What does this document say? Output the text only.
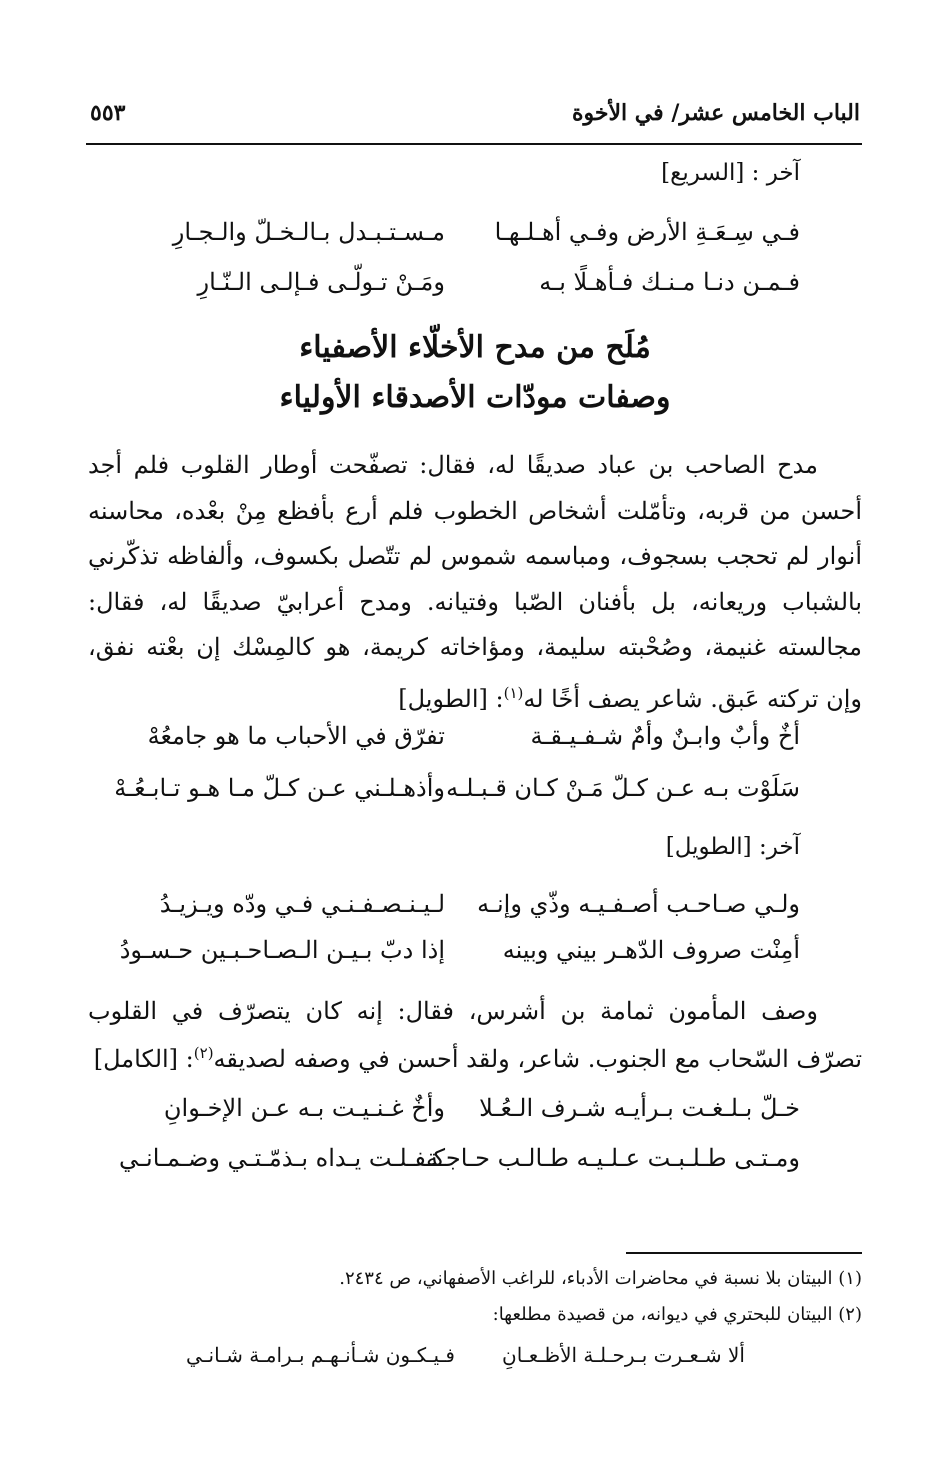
الباب الخامس عشر/ في الأخوة
٥٥٣
آخر : [السريع]
فـي سِـعَـةِ الأرض وفـي أهـلـهـا
مـسـتـبـدل بـالـخـلّ والـجـارِ
فـمـن دنـا مـنـك فـأهـلًا بـه
ومَـنْ تـولّـى فـإلـى الـنّـارِ
مُلَح من مدح الأخلّاء الأصفياء
وصفات مودّات الأصدقاء الأولياء

مدح الصاحب بن عباد صديقًا له، فقال: تصفّحت أوطار القلوب فلم أجد أحسن من قربه، وتأمّلت أشخاص الخطوب فلم أرع بأفظع مِنْ بعْده، محاسنه أنوار لم تحجب بسجوف، ومباسمه شموس لم تتّصل بكسوف، وألفاظه تذكّرني بالشباب وريعانه، بل بأفنان الصّبا وفتيانه. ومدح أعرابيّ صديقًا له، فقال: مجالسته غنيمة، وصُحْبته سليمة، ومؤاخاته كريمة، هو كالمِسْك إن بعْته نفق، وإن تركته عَبق. شاعر يصف أخًا له$^{(١)}$: [الطويل]

أخٌ وأبٌ وابـنٌ وأمٌ شـفـيـقـة
تفرّق في الأحباب ما هو جامعُهْ
سَلَوْت بـه عـن كـلّ مَـنْ كـان قـبـلـه
وأذهـلـني عـن كـلّ مـا هـو تـابـعُـهْ
آخر: [الطويل]
ولـي صـاحـب أصـفـيـه وذّي وإنـه
لـيـنـصـفـنـي فـي ودّه ويـزيـدُ
أمِنْت صروف الدّهـر بيني وبينه
إذا دبّ بـيـن الـصـاحـبـين حـسـودُ

وصف المأمون ثمامة بن أشرس، فقال: إنه كان يتصرّف في القلوب تصرّف السّحاب مع الجنوب. شاعر، ولقد أحسن في وصفه لصديقه$^{(٢)}$: [الكامل]

خـلّ بـلـغـت بـرأيـه شـرف الـعُـلا
وأخٌ غـنـيـت بـه عـن الإخـوانِ
ومـتـى طـلـبـت عـلـيـه طـالـب حـاجـة
كـفـلـت يـداه بـذمّـتـي وضـمـانـي
(١) البيتان بلا نسبة في محاضرات الأدباء، للراغب الأصفهاني، ص ٢٤٣٤.
(٢) البيتان للبحتري في ديوانه، من قصيدة مطلعها:
ألا شـعـرت بـرحـلـة الأظـعـانِ
فـيـكـون شـأنـهـم بـرامـة شـانـي
